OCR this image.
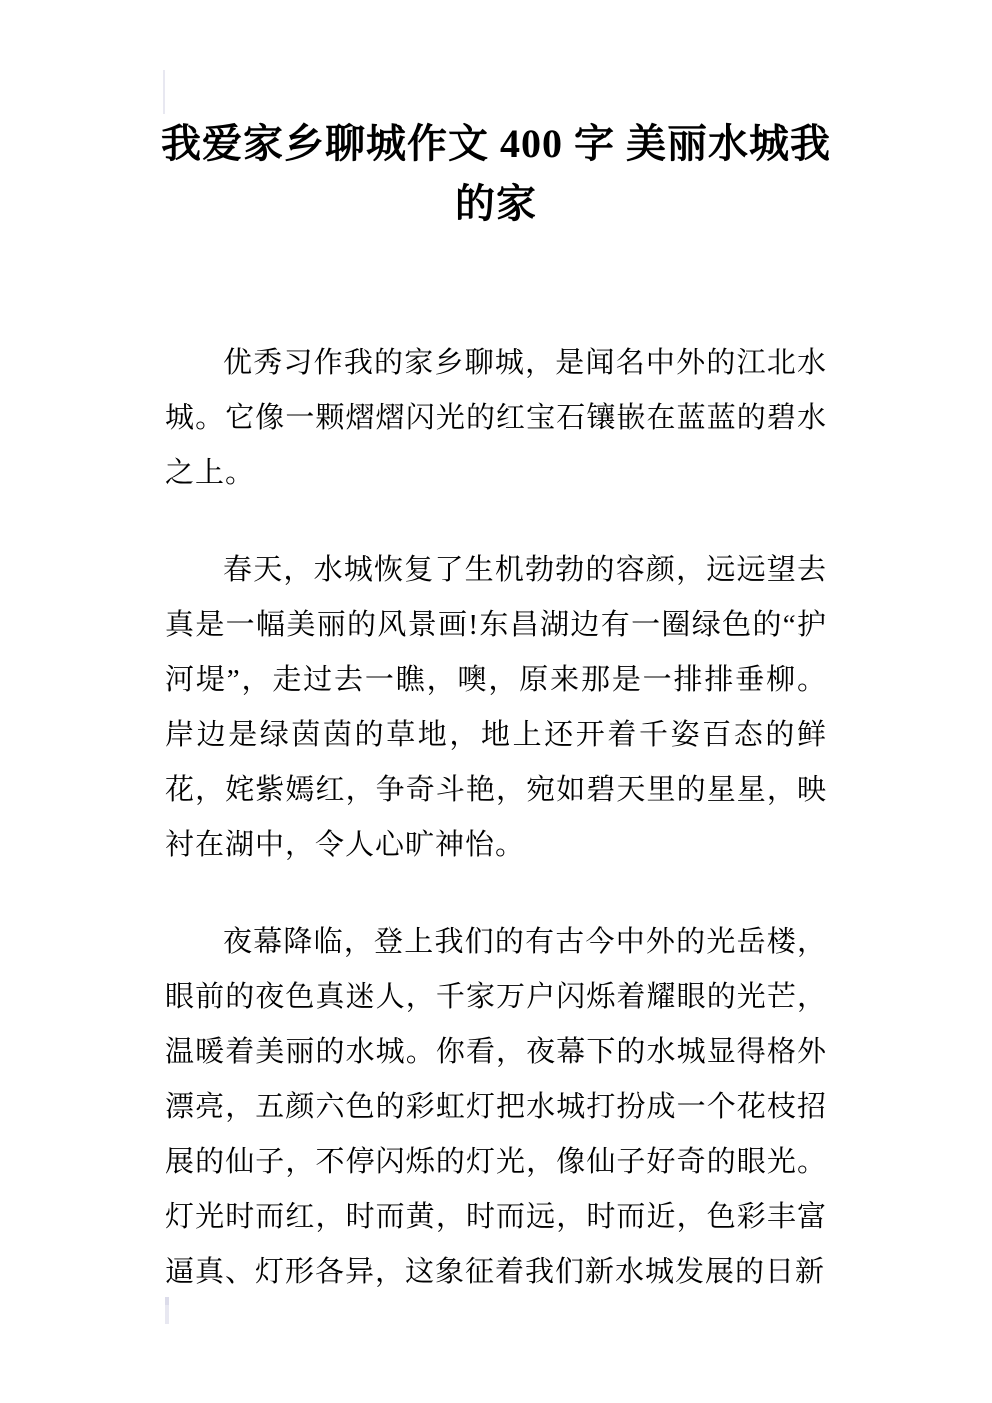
我爱家乡聊城作文 400 字 美丽水城我的家

优秀习作我的家乡聊城，是闻名中外的江北水城。它像一颗熠熠闪光的红宝石镶嵌在蓝蓝的碧水之上。

春天，水城恢复了生机勃勃的容颜，远远望去真是一幅美丽的风景画!东昌湖边有一圈绿色的“护河堤”，走过去一瞧，噢，原来那是一排排垂柳。岸边是绿茵茵的草地，地上还开着千姿百态的鲜花，姹紫嫣红，争奇斗艳，宛如碧天里的星星，映衬在湖中，令人心旷神怡。

夜幕降临，登上我们的有古今中外的光岳楼，眼前的夜色真迷人，千家万户闪烁着耀眼的光芒，温暖着美丽的水城。你看，夜幕下的水城显得格外漂亮，五颜六色的彩虹灯把水城打扮成一个花枝招展的仙子，不停闪烁的灯光，像仙子好奇的眼光。灯光时而红，时而黄，时而远，时而近，色彩丰富逼真、灯形各异，这象征着我们新水城发展的日新
